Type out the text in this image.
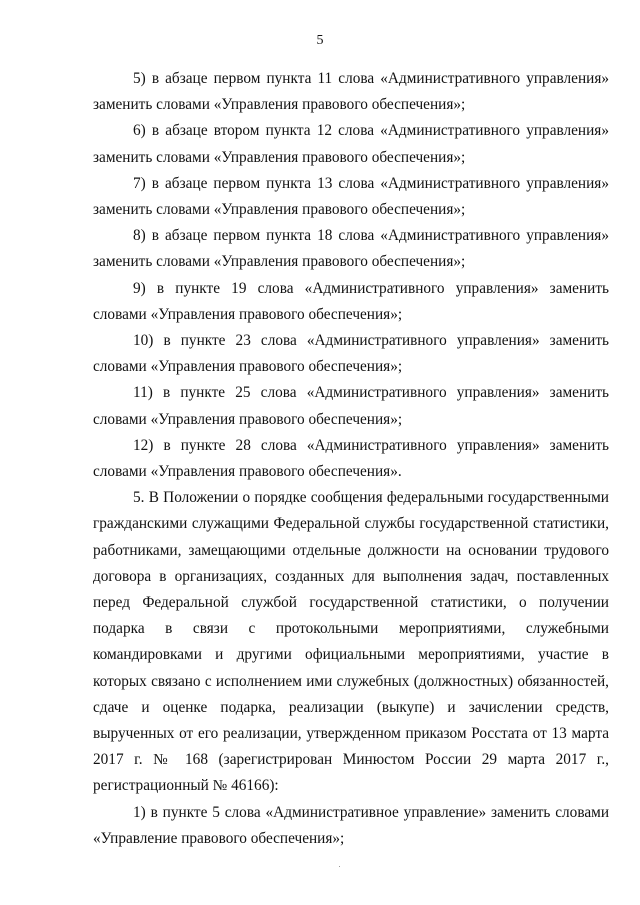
5

5) в абзаце первом пункта 11 слова «Административного управления» заменить словами «Управления правового обеспечения»;

6) в абзаце втором пункта 12 слова «Административного управления» заменить словами «Управления правового обеспечения»;

7) в абзаце первом пункта 13 слова «Административного управления» заменить словами «Управления правового обеспечения»;

8) в абзаце первом пункта 18 слова «Административного управления» заменить словами «Управления правового обеспечения»;

9) в пункте 19 слова «Административного управления» заменить словами «Управления правового обеспечения»;

10) в пункте 23 слова «Административного управления» заменить словами «Управления правового обеспечения»;

11) в пункте 25 слова «Административного управления» заменить словами «Управления правового обеспечения»;

12) в пункте 28 слова «Административного управления» заменить словами «Управления правового обеспечения».

5. В Положении о порядке сообщения федеральными государственными гражданскими служащими Федеральной службы государственной статистики, работниками, замещающими отдельные должности на основании трудового договора в организациях, созданных для выполнения задач, поставленных перед Федеральной службой государственной статистики, о получении подарка в связи с протокольными мероприятиями, служебными командировками и другими официальными мероприятиями, участие в которых связано с исполнением ими служебных (должностных) обязанностей, сдаче и оценке подарка, реализации (выкупе) и зачислении средств, вырученных от его реализации, утвержденном приказом Росстата от 13 марта 2017 г. № 168 (зарегистрирован Минюстом России 29 марта 2017 г., регистрационный № 46166):

1) в пункте 5 слова «Административное управление» заменить словами «Управление правового обеспечения»;
